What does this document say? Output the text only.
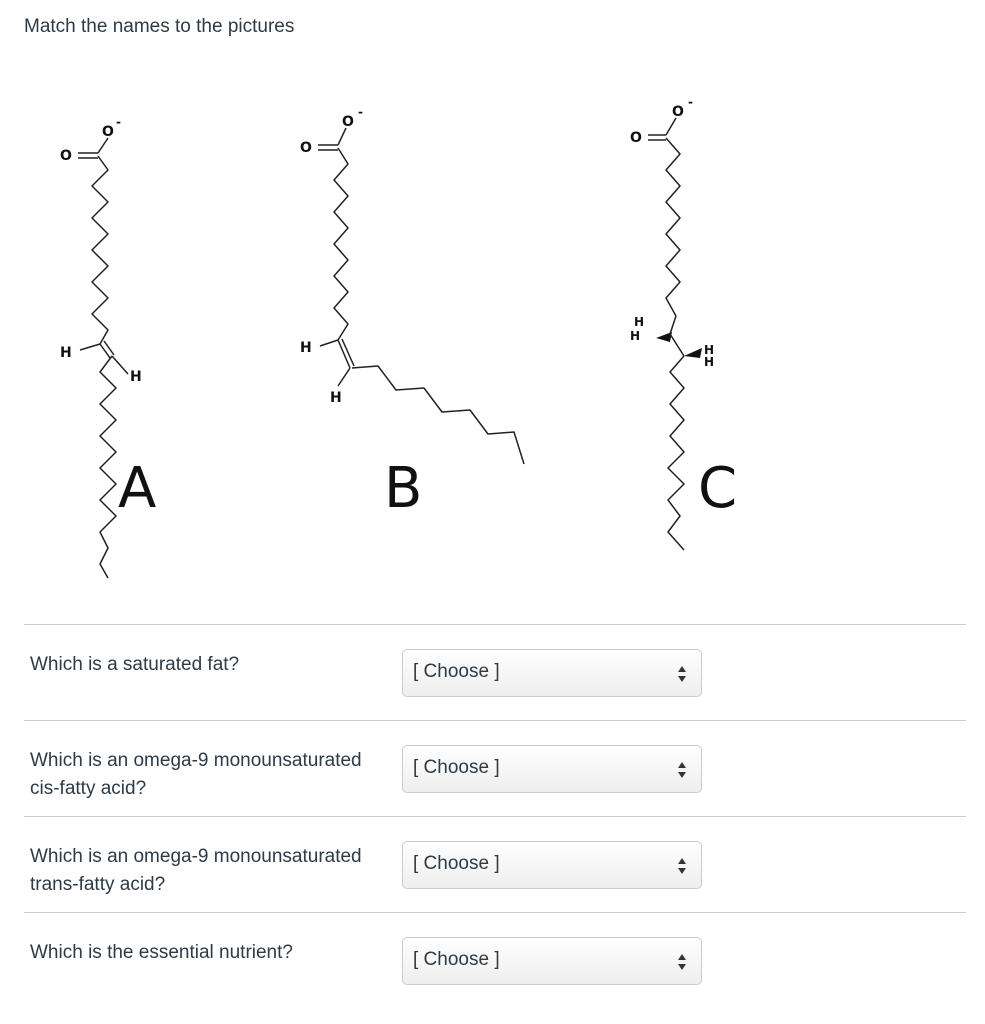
Match the names to the pictures
O
O
-
H
H
A
O
O
-
H
H
B
O
O
-
H
H
H
H
C
Which is a saturated fat?	[ Choose ]
Which is an omega-9 monounsaturated cis-fatty acid?
[ Choose ]
Which is an omega-9 monounsaturated trans-fatty acid?
[ Choose ]
Which is the essential nutrient?	[ Choose ]
